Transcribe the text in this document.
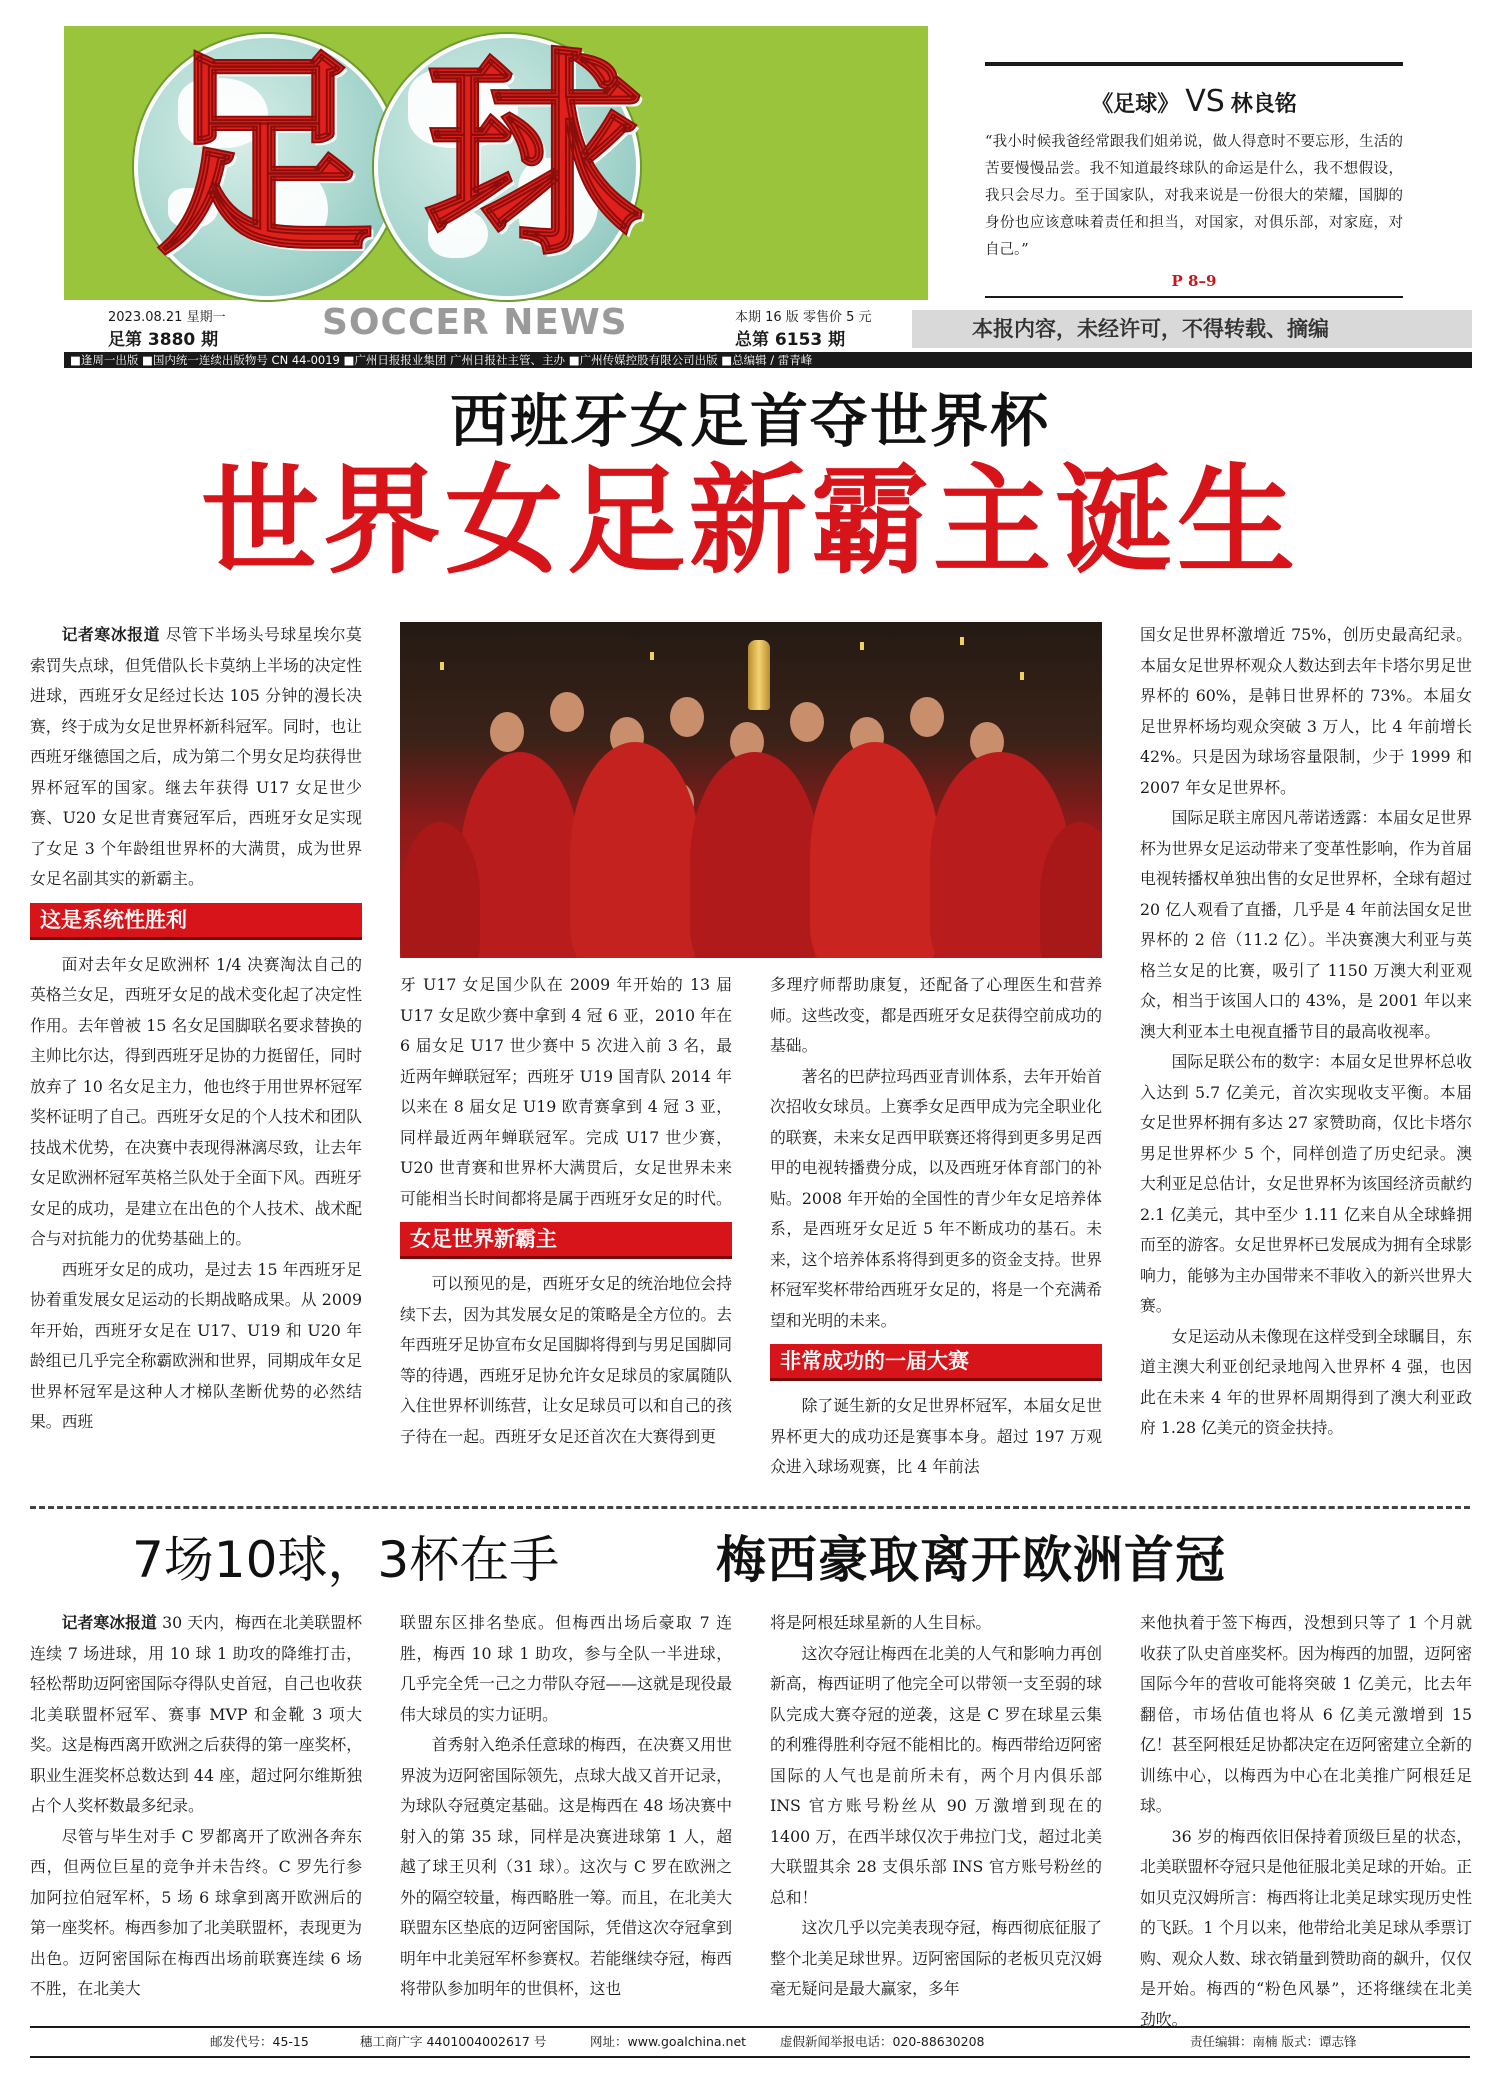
足 球	《足球》 VS 林良铭
“我小时候我爸经常跟我们姐弟说，做人得意时不要忘形，生活的苦要慢慢品尝。我不知道最终球队的命运是什么，我不想假设，我只会尽力。至于国家队，对我来说是一份很大的荣耀，国脚的身份也应该意味着责任和担当，对国家，对俱乐部，对家庭，对自己。”
P 8–9
2023.08.21 星期一
足第 3880 期	SOCCER NEWS	本期 16 版 零售价 5 元
总第 6153 期	本报内容，未经许可，不得转载、摘编
■逢周一出版 ■国内统一连续出版物号 CN 44-0019 ■广州日报报业集团 广州日报社主管、主办 ■广州传媒控股有限公司出版 ■总编辑 / 雷青峰
西班牙女足首夺世界杯
世界女足新霸主诞生

记者寒冰报道 尽管下半场头号球星埃尔莫索罚失点球，但凭借队长卡莫纳上半场的决定性进球，西班牙女足经过长达 105 分钟的漫长决赛，终于成为女足世界杯新科冠军。同时，也让西班牙继德国之后，成为第二个男女足均获得世界杯冠军的国家。继去年获得 U17 女足世少赛、U20 女足世青赛冠军后，西班牙女足实现了女足 3 个年龄组世界杯的大满贯，成为世界女足名副其实的新霸主。

这是系统性胜利

面对去年女足欧洲杯 1/4 决赛淘汰自己的英格兰女足，西班牙女足的战术变化起了决定性作用。去年曾被 15 名女足国脚联名要求替换的主帅比尔达，得到西班牙足协的力挺留任，同时放弃了 10 名女足主力，他也终于用世界杯冠军奖杯证明了自己。西班牙女足的个人技术和团队技战术优势，在决赛中表现得淋漓尽致，让去年女足欧洲杯冠军英格兰队处于全面下风。西班牙女足的成功，是建立在出色的个人技术、战术配合与对抗能力的优势基础上的。

西班牙女足的成功，是过去 15 年西班牙足协着重发展女足运动的长期战略成果。从 2009 年开始，西班牙女足在 U17、U19 和 U20 年龄组已几乎完全称霸欧洲和世界，同期成年女足世界杯冠军是这种人才梯队垄断优势的必然结果。西班

牙 U17 女足国少队在 2009 年开始的 13 届 U17 女足欧少赛中拿到 4 冠 6 亚，2010 年在 6 届女足 U17 世少赛中 5 次进入前 3 名，最近两年蝉联冠军；西班牙 U19 国青队 2014 年以来在 8 届女足 U19 欧青赛拿到 4 冠 3 亚，同样最近两年蝉联冠军。完成 U17 世少赛，U20 世青赛和世界杯大满贯后，女足世界未来可能相当长时间都将是属于西班牙女足的时代。

女足世界新霸主

可以预见的是，西班牙女足的统治地位会持续下去，因为其发展女足的策略是全方位的。去年西班牙足协宣布女足国脚将得到与男足国脚同等的待遇，西班牙足协允许女足球员的家属随队入住世界杯训练营，让女足球员可以和自己的孩子待在一起。西班牙女足还首次在大赛得到更

多理疗师帮助康复，还配备了心理医生和营养师。这些改变，都是西班牙女足获得空前成功的基础。

著名的巴萨拉玛西亚青训体系，去年开始首次招收女球员。上赛季女足西甲成为完全职业化的联赛，未来女足西甲联赛还将得到更多男足西甲的电视转播费分成，以及西班牙体育部门的补贴。2008 年开始的全国性的青少年女足培养体系，是西班牙女足近 5 年不断成功的基石。未来，这个培养体系将得到更多的资金支持。世界杯冠军奖杯带给西班牙女足的，将是一个充满希望和光明的未来。

非常成功的一届大赛

除了诞生新的女足世界杯冠军，本届女足世界杯更大的成功还是赛事本身。超过 197 万观众进入球场观赛，比 4 年前法

国女足世界杯激增近 75%，创历史最高纪录。本届女足世界杯观众人数达到去年卡塔尔男足世界杯的 60%，是韩日世界杯的 73%。本届女足世界杯场均观众突破 3 万人，比 4 年前增长 42%。只是因为球场容量限制，少于 1999 和 2007 年女足世界杯。

国际足联主席因凡蒂诺透露：本届女足世界杯为世界女足运动带来了变革性影响，作为首届电视转播权单独出售的女足世界杯，全球有超过 20 亿人观看了直播，几乎是 4 年前法国女足世界杯的 2 倍（11.2 亿）。半决赛澳大利亚与英格兰女足的比赛，吸引了 1150 万澳大利亚观众，相当于该国人口的 43%，是 2001 年以来澳大利亚本土电视直播节目的最高收视率。

国际足联公布的数字：本届女足世界杯总收入达到 5.7 亿美元，首次实现收支平衡。本届女足世界杯拥有多达 27 家赞助商，仅比卡塔尔男足世界杯少 5 个，同样创造了历史纪录。澳大利亚足总估计，女足世界杯为该国经济贡献约 2.1 亿美元，其中至少 1.11 亿来自从全球蜂拥而至的游客。女足世界杯已发展成为拥有全球影响力，能够为主办国带来不菲收入的新兴世界大赛。

女足运动从未像现在这样受到全球瞩目，东道主澳大利亚创纪录地闯入世界杯 4 强，也因此在未来 4 年的世界杯周期得到了澳大利亚政府 1.28 亿美元的资金扶持。

7场10球，3杯在手	梅西豪取离开欧洲首冠

记者寒冰报道 30 天内，梅西在北美联盟杯连续 7 场进球，用 10 球 1 助攻的降维打击，轻松帮助迈阿密国际夺得队史首冠，自己也收获北美联盟杯冠军、赛事 MVP 和金靴 3 项大奖。这是梅西离开欧洲之后获得的第一座奖杯，职业生涯奖杯总数达到 44 座，超过阿尔维斯独占个人奖杯数最多纪录。

尽管与毕生对手 C 罗都离开了欧洲各奔东西，但两位巨星的竞争并未告终。C 罗先行参加阿拉伯冠军杯，5 场 6 球拿到离开欧洲后的第一座奖杯。梅西参加了北美联盟杯，表现更为出色。迈阿密国际在梅西出场前联赛连续 6 场不胜，在北美大

联盟东区排名垫底。但梅西出场后豪取 7 连胜，梅西 10 球 1 助攻，参与全队一半进球，几乎完全凭一己之力带队夺冠——这就是现役最伟大球员的实力证明。

首秀射入绝杀任意球的梅西，在决赛又用世界波为迈阿密国际领先，点球大战又首开记录，为球队夺冠奠定基础。这是梅西在 48 场决赛中射入的第 35 球，同样是决赛进球第 1 人，超越了球王贝利（31 球）。这次与 C 罗在欧洲之外的隔空较量，梅西略胜一筹。而且，在北美大联盟东区垫底的迈阿密国际，凭借这次夺冠拿到明年中北美冠军杯参赛权。若能继续夺冠，梅西将带队参加明年的世俱杯，这也

将是阿根廷球星新的人生目标。

这次夺冠让梅西在北美的人气和影响力再创新高，梅西证明了他完全可以带领一支至弱的球队完成大赛夺冠的逆袭，这是 C 罗在球星云集的利雅得胜利夺冠不能相比的。梅西带给迈阿密国际的人气也是前所未有，两个月内俱乐部 INS 官方账号粉丝从 90 万激增到现在的 1400 万，在西半球仅次于弗拉门戈，超过北美大联盟其余 28 支俱乐部 INS 官方账号粉丝的总和！

这次几乎以完美表现夺冠，梅西彻底征服了整个北美足球世界。迈阿密国际的老板贝克汉姆毫无疑问是最大赢家，多年

来他执着于签下梅西，没想到只等了 1 个月就收获了队史首座奖杯。因为梅西的加盟，迈阿密国际今年的营收可能将突破 1 亿美元，比去年翻倍，市场估值也将从 6 亿美元激增到 15 亿！甚至阿根廷足协都决定在迈阿密建立全新的训练中心，以梅西为中心在北美推广阿根廷足球。

36 岁的梅西依旧保持着顶级巨星的状态，北美联盟杯夺冠只是他征服北美足球的开始。正如贝克汉姆所言：梅西将让北美足球实现历史性的飞跃。1 个月以来，他带给北美足球从季票订购、观众人数、球衣销量到赞助商的飙升，仅仅是开始。梅西的“粉色风暴”，还将继续在北美劲吹。

邮发代号：45-15	穗工商广字 4401004002617 号	网址：www.goalchina.net	虚假新闻举报电话：020-88630208	责任编辑：南楠 版式：谭志锋
